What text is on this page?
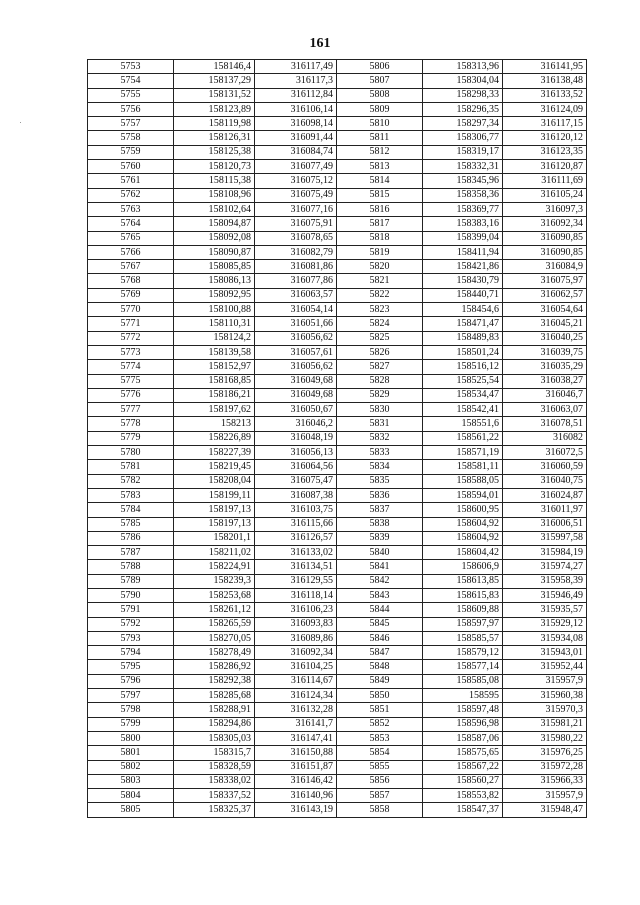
161
5753	158146,4	316117,49	5806	158313,96	316141,95
5754	158137,29	316117,3	5807	158304,04	316138,48
5755	158131,52	316112,84	5808	158298,33	316133,52
5756	158123,89	316106,14	5809	158296,35	316124,09
5757	158119,98	316098,14	5810	158297,34	316117,15
5758	158126,31	316091,44	5811	158306,77	316120,12
5759	158125,38	316084,74	5812	158319,17	316123,35
5760	158120,73	316077,49	5813	158332,31	316120,87
5761	158115,38	316075,12	5814	158345,96	316111,69
5762	158108,96	316075,49	5815	158358,36	316105,24
5763	158102,64	316077,16	5816	158369,77	316097,3
5764	158094,87	316075,91	5817	158383,16	316092,34
5765	158092,08	316078,65	5818	158399,04	316090,85
5766	158090,87	316082,79	5819	158411,94	316090,85
5767	158085,85	316081,86	5820	158421,86	316084,9
5768	158086,13	316077,86	5821	158430,79	316075,97
5769	158092,95	316063,57	5822	158440,71	316062,57
5770	158100,88	316054,14	5823	158454,6	316054,64
5771	158110,31	316051,66	5824	158471,47	316045,21
5772	158124,2	316056,62	5825	158489,83	316040,25
5773	158139,58	316057,61	5826	158501,24	316039,75
5774	158152,97	316056,62	5827	158516,12	316035,29
5775	158168,85	316049,68	5828	158525,54	316038,27
5776	158186,21	316049,68	5829	158534,47	316046,7
5777	158197,62	316050,67	5830	158542,41	316063,07
5778	158213	316046,2	5831	158551,6	316078,51
5779	158226,89	316048,19	5832	158561,22	316082
5780	158227,39	316056,13	5833	158571,19	316072,5
5781	158219,45	316064,56	5834	158581,11	316060,59
5782	158208,04	316075,47	5835	158588,05	316040,75
5783	158199,11	316087,38	5836	158594,01	316024,87
5784	158197,13	316103,75	5837	158600,95	316011,97
5785	158197,13	316115,66	5838	158604,92	316006,51
5786	158201,1	316126,57	5839	158604,92	315997,58
5787	158211,02	316133,02	5840	158604,42	315984,19
5788	158224,91	316134,51	5841	158606,9	315974,27
5789	158239,3	316129,55	5842	158613,85	315958,39
5790	158253,68	316118,14	5843	158615,83	315946,49
5791	158261,12	316106,23	5844	158609,88	315935,57
5792	158265,59	316093,83	5845	158597,97	315929,12
5793	158270,05	316089,86	5846	158585,57	315934,08
5794	158278,49	316092,34	5847	158579,12	315943,01
5795	158286,92	316104,25	5848	158577,14	315952,44
5796	158292,38	316114,67	5849	158585,08	315957,9
5797	158285,68	316124,34	5850	158595	315960,38
5798	158288,91	316132,28	5851	158597,48	315970,3
5799	158294,86	316141,7	5852	158596,98	315981,21
5800	158305,03	316147,41	5853	158587,06	315980,22
5801	158315,7	316150,88	5854	158575,65	315976,25
5802	158328,59	316151,87	5855	158567,22	315972,28
5803	158338,02	316146,42	5856	158560,27	315966,33
5804	158337,52	316140,96	5857	158553,82	315957,9
5805	158325,37	316143,19	5858	158547,37	315948,47
